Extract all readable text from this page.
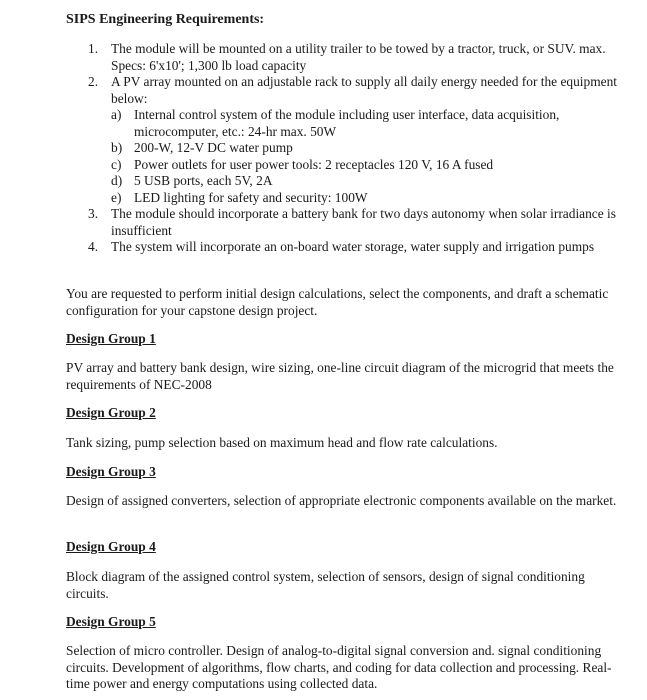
SIPS Engineering Requirements:
1. The module will be mounted on a utility trailer to be towed by a tractor, truck, or SUV. max. Specs: 6'x10'; 1,300 lb load capacity
2. A PV array mounted on an adjustable rack to supply all daily energy needed for the equipment below:
a) Internal control system of the module including user interface, data acquisition, microcomputer, etc.: 24-hr max. 50W
b) 200-W, 12-V DC water pump
c) Power outlets for user power tools: 2 receptacles 120 V, 16 A fused
d) 5 USB ports, each 5V, 2A
e) LED lighting for safety and security: 100W
3. The module should incorporate a battery bank for two days autonomy when solar irradiance is insufficient
4. The system will incorporate an on-board water storage, water supply and irrigation pumps

You are requested to perform initial design calculations, select the components, and draft a schematic configuration for your capstone design project.

Design Group 1

PV array and battery bank design, wire sizing, one-line circuit diagram of the microgrid that meets the requirements of NEC-2008

Design Group 2

Tank sizing, pump selection based on maximum head and flow rate calculations.

Design Group 3

Design of assigned converters, selection of appropriate electronic components available on the market.

Design Group 4

Block diagram of the assigned control system, selection of sensors, design of signal conditioning circuits.

Design Group 5

Selection of micro controller. Design of analog-to-digital signal conversion and. signal conditioning circuits. Development of algorithms, flow charts, and coding for data collection and processing. Real-time power and energy computations using collected data.
